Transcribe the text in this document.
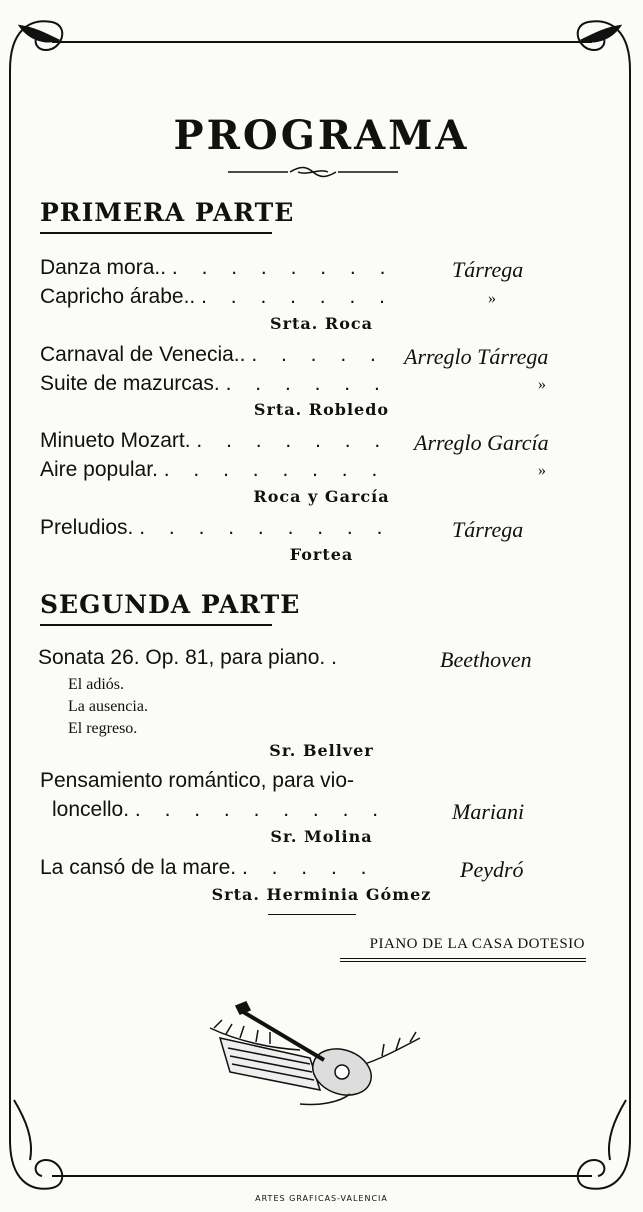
PROGRAMA
PRIMERA PARTE
Danza mora.. . . . . . . . .	Tárrega
Capricho árabe.. . . . . . . .	»
Srta. Roca
Carnaval de Venecia.. . . . . . Arreglo Tárrega
Suite de mazurcas. . . . . . .	»
Srta. Robledo
Minueto Mozart. . . . . . . . Arreglo García
Aire popular. . . . . . . . .	»
Roca y García
Preludios. . . . . . . . . .	Tárrega
Fortea
SEGUNDA PARTE
Sonata 26. Op. 81, para piano. .	Beethoven
El adiós.
La ausencia.
El regreso.
Sr. Bellver
Pensamiento romántico, para vio-
loncello. . . . . . . . . .	Mariani
Sr. Molina
La cansó de la mare. . . . . .	Peydró
Srta. Herminia Gómez
PIANO DE LA CASA DOTESIO
ARTES GRAFICAS-VALENCIA
